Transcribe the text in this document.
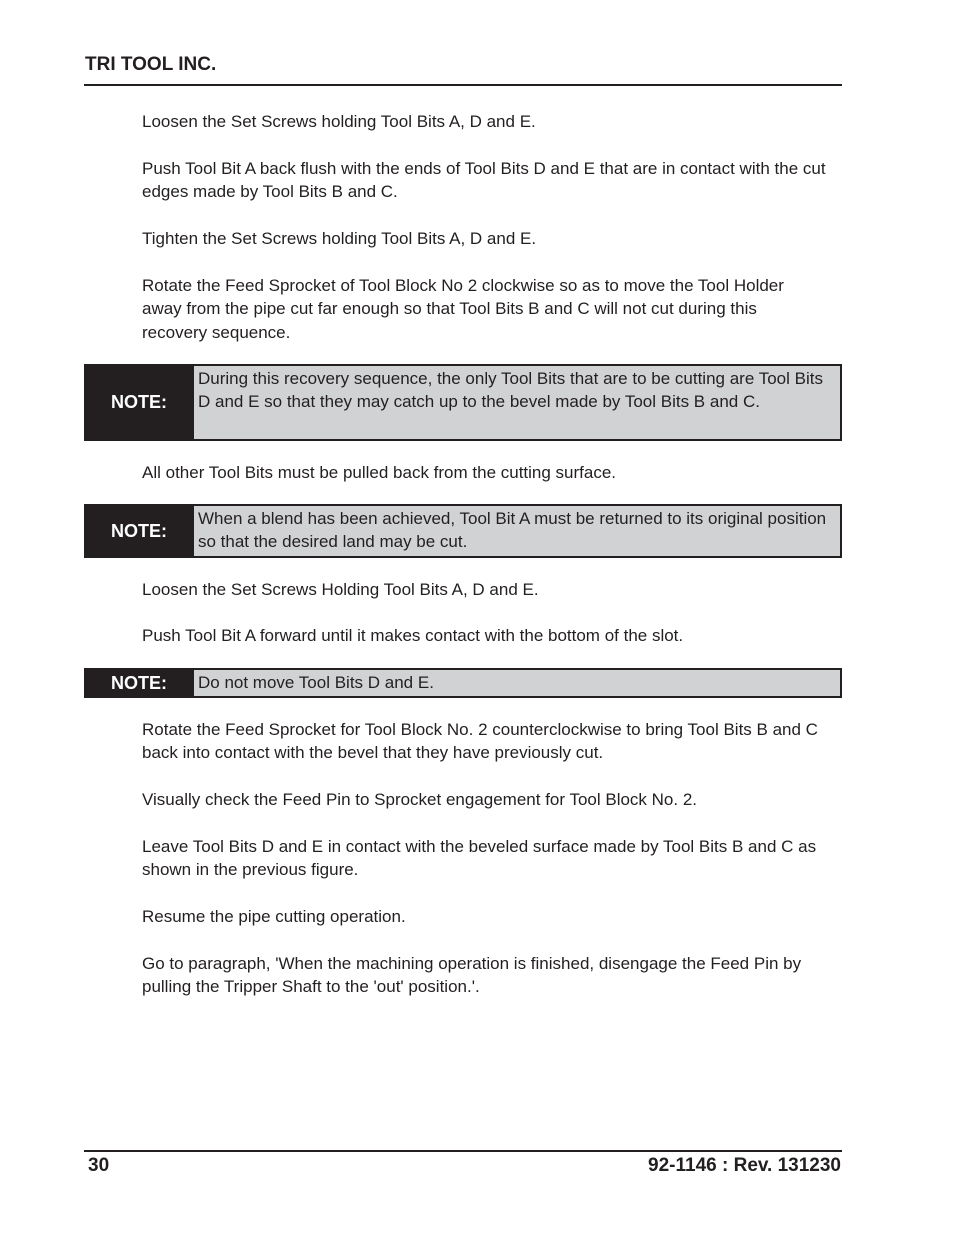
TRI TOOL INC.
Loosen the Set Screws holding Tool Bits A, D and E.
Push Tool Bit A back flush with the ends of Tool Bits D and E that are in contact with the cut edges made by Tool Bits B and C.
Tighten the Set Screws holding Tool Bits A, D and E.
Rotate the Feed Sprocket of Tool Block No 2 clockwise so as to move the Tool Holder away from the pipe cut far enough so that Tool Bits B and C will not cut during this recovery sequence.
NOTE:
During this recovery sequence, the only Tool Bits that are to be cutting are Tool Bits D and E so that they may catch up to the bevel made by Tool Bits B and C.
All other Tool Bits must be pulled back from the cutting surface.
NOTE:
When a blend has been achieved, Tool Bit A must be returned to its original position so that the desired land may be cut.
Loosen the Set Screws Holding Tool Bits A, D and E.
Push Tool Bit A forward until it makes contact with the bottom of the slot.
NOTE:	Do not move Tool Bits D and E.
Rotate the Feed Sprocket for Tool Block No. 2 counterclockwise to bring Tool Bits B and C back into contact with the bevel that they have previously cut.
Visually check the Feed Pin to Sprocket engagement for Tool Block No. 2.
Leave Tool Bits D and E in contact with the beveled surface made by Tool Bits B and C as shown in the previous figure.
Resume the pipe cutting operation.
Go to paragraph, 'When the machining operation is finished, disengage the Feed Pin by pulling the Tripper Shaft to the 'out' position.'.
30	92-1146 : Rev. 131230
